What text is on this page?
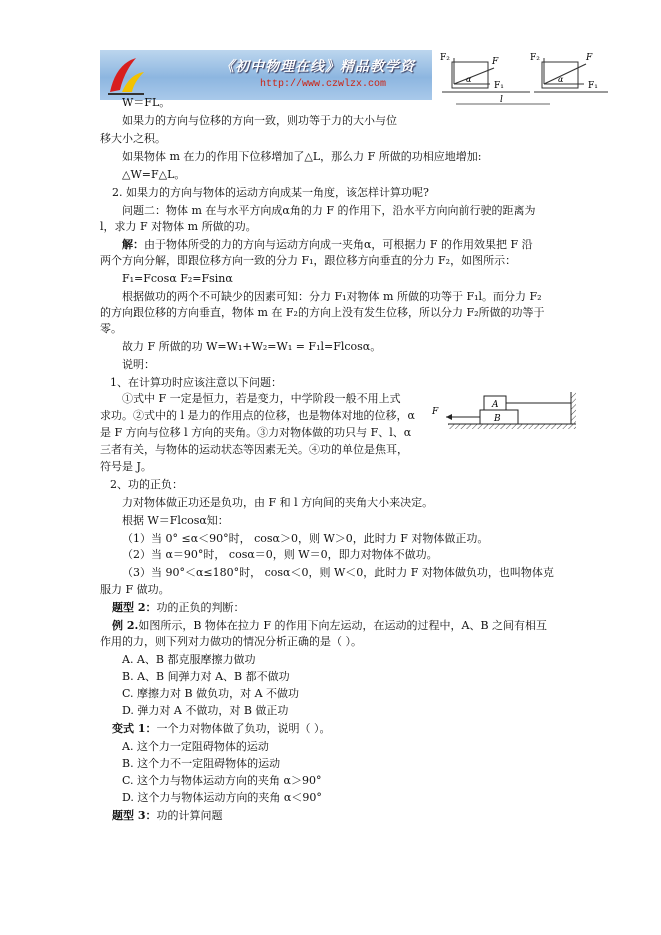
《初中物理在线》精品教学资
http://www.czwlzx.com
F₂	F
F₁
F₂	F
F₁
α	α
l
W＝FL。
如果力的方向与位移的方向一致，则功等于力的大小与位
移大小之积。
如果物体 m 在力的作用下位移增加了△L，那么力 F 所做的功相应地增加:
△W=F△L。
2. 如果力的方向与物体的运动方向成某一角度，该怎样计算功呢?
问题二：物体 m 在与水平方向成α角的力 F 的作用下，沿水平方向向前行驶的距离为
l，求力 F 对物体 m 所做的功。
解：由于物体所受的力的方向与运动方向成一夹角α，可根据力 F 的作用效果把 F 沿
两个方向分解，即跟位移方向一致的分力 F₁，跟位移方向垂直的分力 F₂，如图所示：
F₁=Fcosα F₂=Fsinα
根据做功的两个不可缺少的因素可知：分力 F₁对物体 m 所做的功等于 F₁l。而分力 F₂
的方向跟位移的方向垂直，物体 m 在 F₂的方向上没有发生位移，所以分力 F₂所做的功等于
零。
故力 F 所做的功 W=W₁+W₂=W₁ = F₁l=Flcosα。
说明：
1、在计算功时应该注意以下问题：
①式中 F 一定是恒力，若是变力，中学阶段一般不用上式
求功。②式中的 l 是力的作用点的位移，也是物体对地的位移，α
是 F 方向与位移 l 方向的夹角。③力对物体做的功只与 F、l、α
三者有关，与物体的运动状态等因素无关。④功的单位是焦耳，
符号是 J。
2、功的正负：
力对物体做正功还是负功，由 F 和 l 方向间的夹角大小来决定。
根据 W＝Flcosα知：
（1）当 0° ≤α＜90°时， cosα＞0，则 W＞0，此时力 F 对物体做正功。
（2）当 α＝90°时， cosα＝0，则 W＝0，即力对物体不做功。
（3）当 90°＜α≤180°时， cosα＜0，则 W＜0，此时力 F 对物体做负功，也叫物体克
服力 F 做功。
题型 2：功的正负的判断：
例 2.如图所示，B 物体在拉力 F 的作用下向左运动，在运动的过程中，A、B 之间有相互
作用的力，则下列对力做功的情况分析正确的是（ ）。
A. A、B 都克服摩擦力做功
B. A、B 间弹力对 A、B 都不做功
C. 摩擦力对 B 做负功，对 A 不做功
D. 弹力对 A 不做功，对 B 做正功
变式 1：一个力对物体做了负功，说明（ ）。
A. 这个力一定阻碍物体的运动
B. 这个力不一定阻碍物体的运动
C. 这个力与物体运动方向的夹角 α＞90°
D. 这个力与物体运动方向的夹角 α＜90°
题型 3：功的计算问题
A
B
F
